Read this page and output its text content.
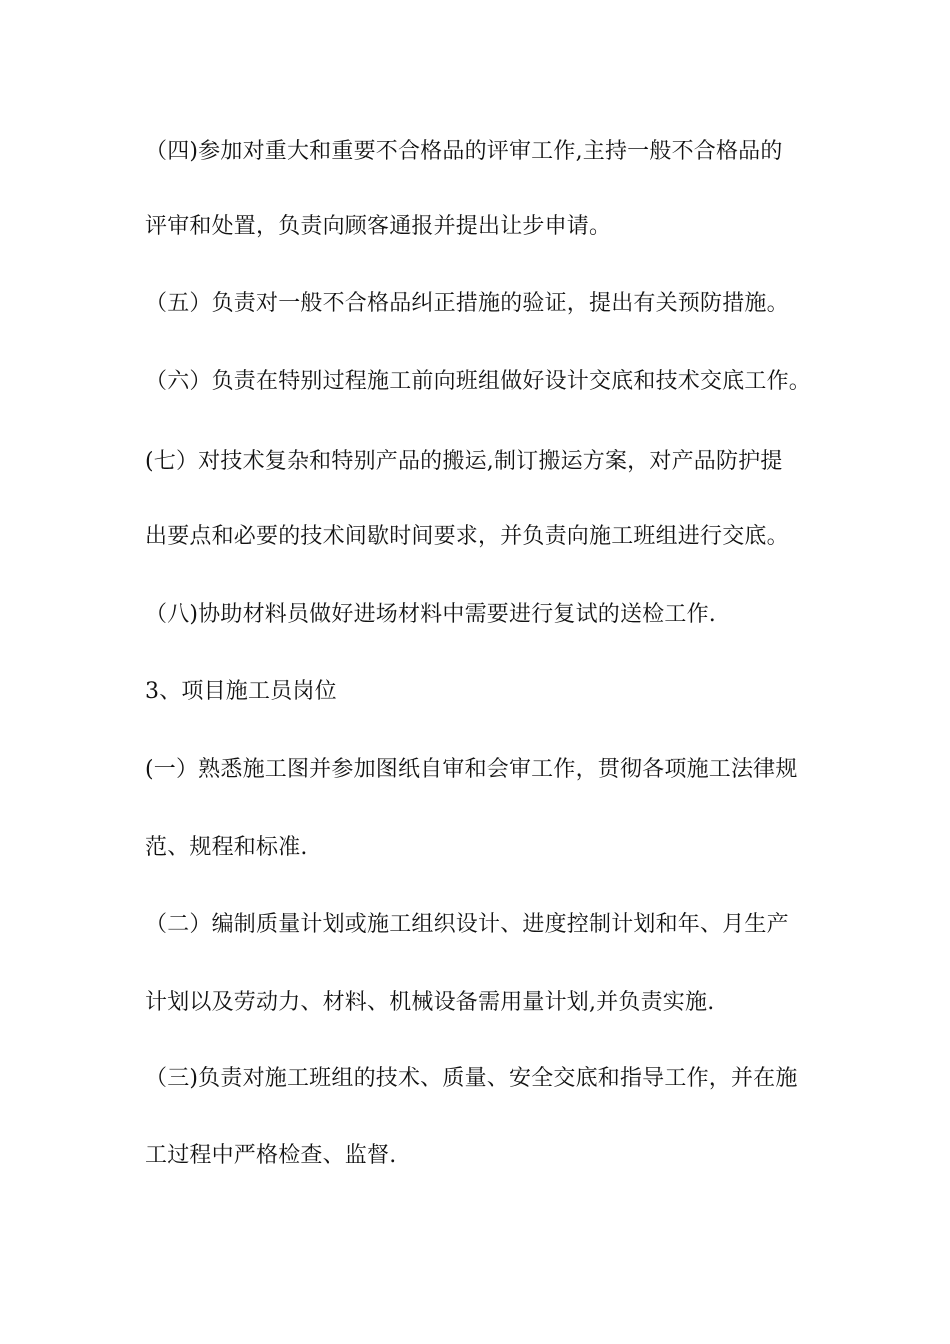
（四)参加对重大和重要不合格品的评审工作,主持一般不合格品的
评审和处置，负责向顾客通报并提出让步申请。
（五）负责对一般不合格品纠正措施的验证，提出有关预防措施。
（六）负责在特别过程施工前向班组做好设计交底和技术交底工作。
(七）对技术复杂和特别产品的搬运,制订搬运方案，对产品防护提
出要点和必要的技术间歇时间要求，并负责向施工班组进行交底。
（八)协助材料员做好进场材料中需要进行复试的送检工作.
3、项目施工员岗位
(一）熟悉施工图并参加图纸自审和会审工作，贯彻各项施工法律规
范、规程和标准.
（二）编制质量计划或施工组织设计、进度控制计划和年、月生产
计划以及劳动力、材料、机械设备需用量计划,并负责实施.
（三)负责对施工班组的技术、质量、安全交底和指导工作，并在施
工过程中严格检查、监督.
